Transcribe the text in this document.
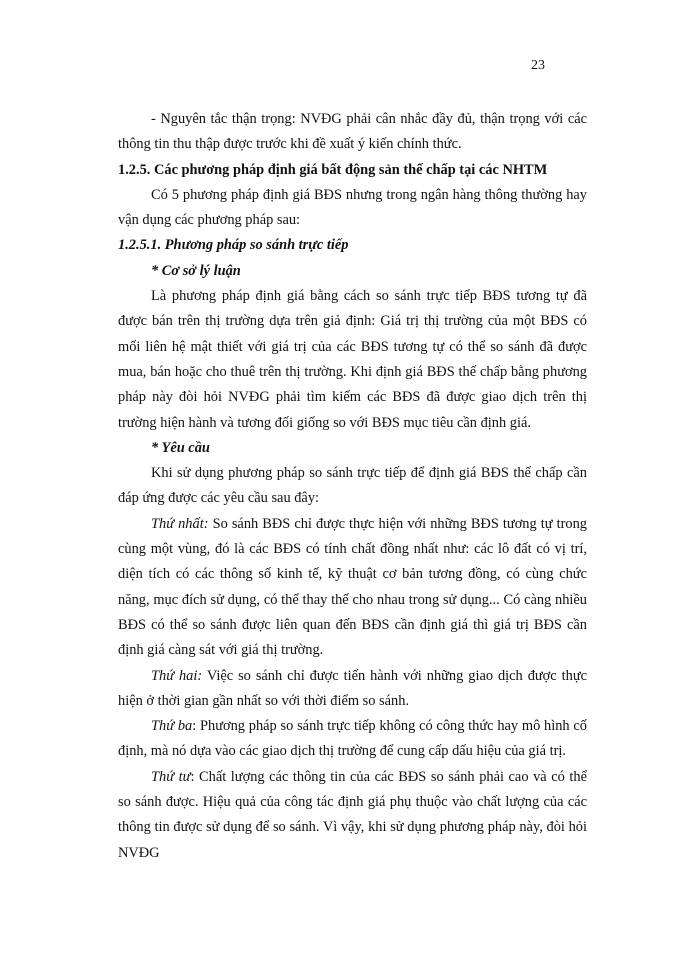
23

- Nguyên tắc thận trọng: NVĐG phải cân nhắc đầy đủ, thận trọng với các thông tin thu thập được trước khi đề xuất ý kiến chính thức.

1.2.5. Các phương pháp định giá bất động sản thế chấp tại các NHTM

Có 5 phương pháp định giá BĐS nhưng trong ngân hàng thông thường hay vận dụng các phương pháp sau:

1.2.5.1. Phương pháp so sánh trực tiếp

* Cơ sở lý luận

Là phương pháp định giá bằng cách so sánh trực tiếp BĐS tương tự đã được bán trên thị trường dựa trên giả định: Giá trị thị trường của một BĐS có mối liên hệ mật thiết với giá trị của các BĐS tương tự có thể so sánh đã được mua, bán hoặc cho thuê trên thị trường. Khi định giá BĐS thế chấp bằng phương pháp này đòi hỏi NVĐG phải tìm kiếm các BĐS đã được giao dịch trên thị trường hiện hành và tương đối giống so với BĐS mục tiêu cần định giá.

* Yêu cầu

Khi sử dụng phương pháp so sánh trực tiếp để định giá BĐS thế chấp cần đáp ứng được các yêu cầu sau đây:

Thứ nhất: So sánh BĐS chỉ được thực hiện với những BĐS tương tự trong cùng một vùng, đó là các BĐS có tính chất đồng nhất như: các lô đất có vị trí, diện tích có các thông số kinh tế, kỹ thuật cơ bản tương đồng, có cùng chức năng, mục đích sử dụng, có thể thay thế cho nhau trong sử dụng... Có càng nhiều BĐS có thể so sánh được liên quan đến BĐS cần định giá thì giá trị BĐS cần định giá càng sát với giá thị trường.

Thứ hai: Việc so sánh chỉ được tiến hành với những giao dịch được thực hiện ở thời gian gần nhất so với thời điểm so sánh.

Thứ ba: Phương pháp so sánh trực tiếp không có công thức hay mô hình cố định, mà nó dựa vào các giao dịch thị trường để cung cấp dấu hiệu của giá trị.

Thứ tư: Chất lượng các thông tin của các BĐS so sánh phải cao và có thể so sánh được. Hiệu quả của công tác định giá phụ thuộc vào chất lượng của các thông tin được sử dụng để so sánh. Vì vậy, khi sử dụng phương pháp này, đòi hỏi NVĐG
